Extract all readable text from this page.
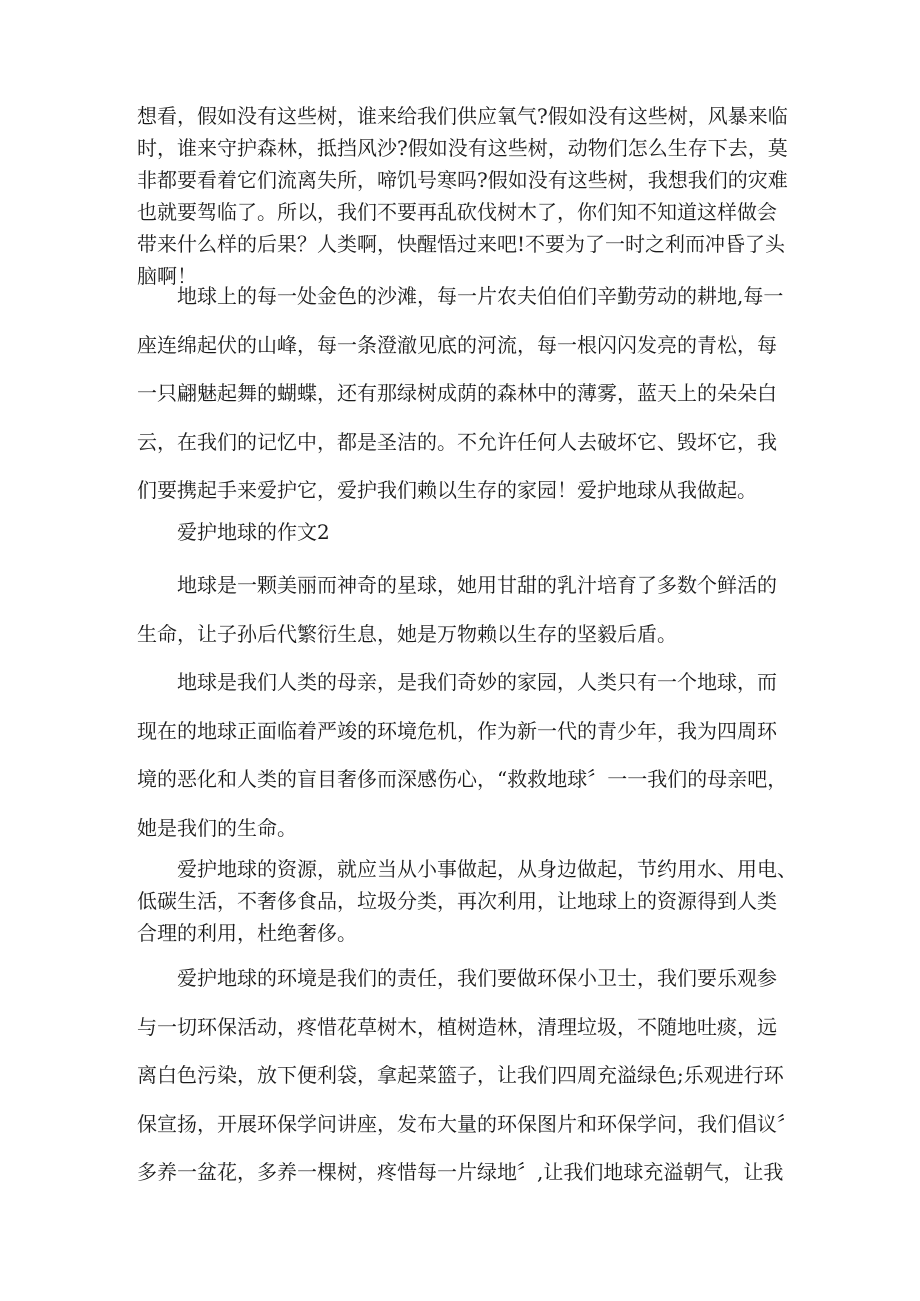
想看，假如没有这些树，谁来给我们供应氧气?假如没有这些树，风暴来临
时，谁来守护森林，抵挡风沙?假如没有这些树，动物们怎么生存下去，莫
非都要看着它们流离失所，啼饥号寒吗?假如没有这些树，我想我们的灾难
也就要驾临了。所以，我们不要再乱砍伐树木了，你们知不知道这样做会
带来什么样的后果？人类啊，快醒悟过来吧!不要为了一时之利而冲昏了头
脑啊！
地球上的每一处金色的沙滩，每一片农夫伯伯们辛勤劳动的耕地,每一
座连绵起伏的山峰，每一条澄澈见底的河流，每一根闪闪发亮的青松，每
一只翩魅起舞的蝴蝶，还有那绿树成荫的森林中的薄雾，蓝天上的朵朵白
云，在我们的记忆中，都是圣洁的。不允许任何人去破坏它、毁坏它，我
们要携起手来爱护它，爱护我们赖以生存的家园！爱护地球从我做起。
爱护地球的作文2
地球是一颗美丽而神奇的星球，她用甘甜的乳汁培育了多数个鲜活的
生命，让子孙后代繁衍生息，她是万物赖以生存的坚毅后盾。
地球是我们人类的母亲，是我们奇妙的家园，人类只有一个地球，而
现在的地球正面临着严竣的环境危机，作为新一代的青少年，我为四周环
境的恶化和人类的盲目奢侈而深感伤心，“救救地球〞一一我们的母亲吧，
她是我们的生命。
爱护地球的资源，就应当从小事做起，从身边做起，节约用水、用电、
低碳生活，不奢侈食品，垃圾分类，再次利用，让地球上的资源得到人类
合理的利用，杜绝奢侈。
爱护地球的环境是我们的责任，我们要做环保小卫士，我们要乐观参
与一切环保活动，疼惜花草树木，植树造林，清理垃圾，不随地吐痰，远
离白色污染，放下便利袋，拿起菜篮子，让我们四周充溢绿色;乐观进行环
保宣扬，开展环保学问讲座，发布大量的环保图片和环保学问，我们倡议〞
多养一盆花，多养一棵树，疼惜每一片绿地〞,让我们地球充溢朝气，让我
